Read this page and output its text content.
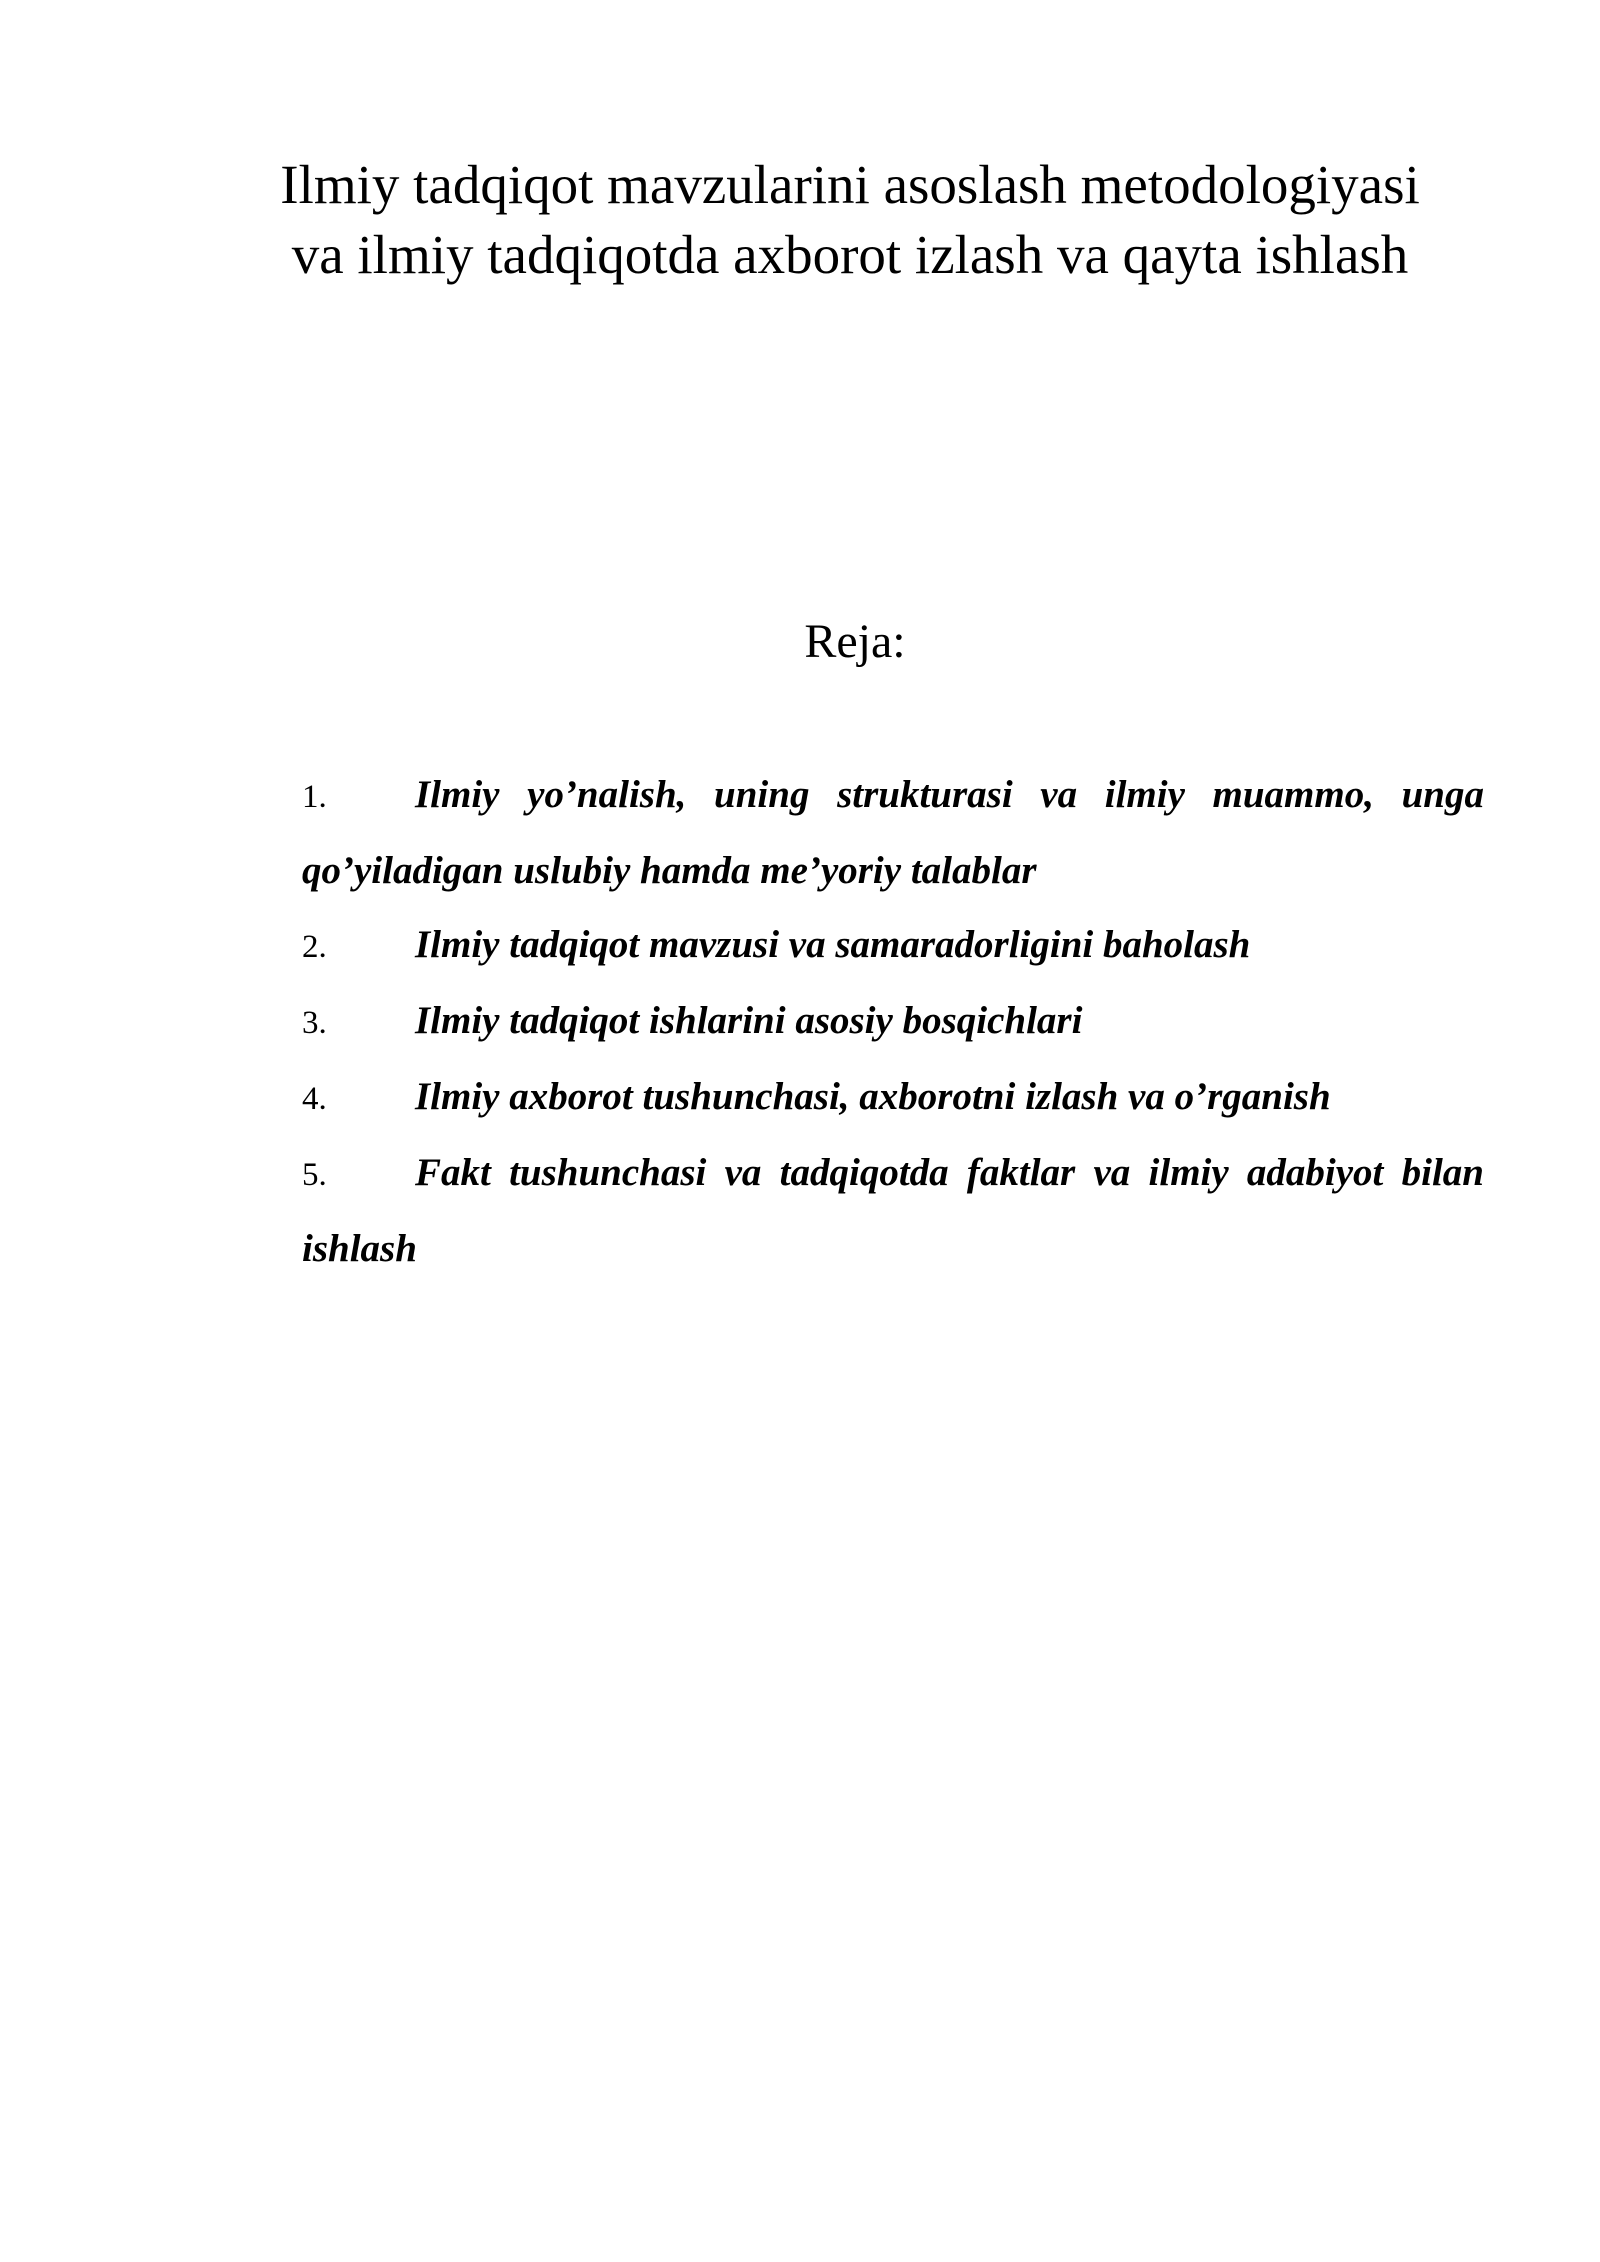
Ilmiy tadqiqot mavzularini asoslash metodologiyasi
va ilmiy tadqiqotda axborot izlash va qayta ishlash
Reja:
1. Ilmiy yo’nalish, uning strukturasi va ilmiy muammo, unga qo’yiladigan uslubiy hamda me’yoriy talablar
2. Ilmiy tadqiqot mavzusi va samaradorligini baholash
3. Ilmiy tadqiqot ishlarini asosiy bosqichlari
4. Ilmiy axborot tushunchasi, axborotni izlash va o’rganish
5. Fakt tushunchasi va tadqiqotda faktlar va ilmiy adabiyot bilan ishlash
